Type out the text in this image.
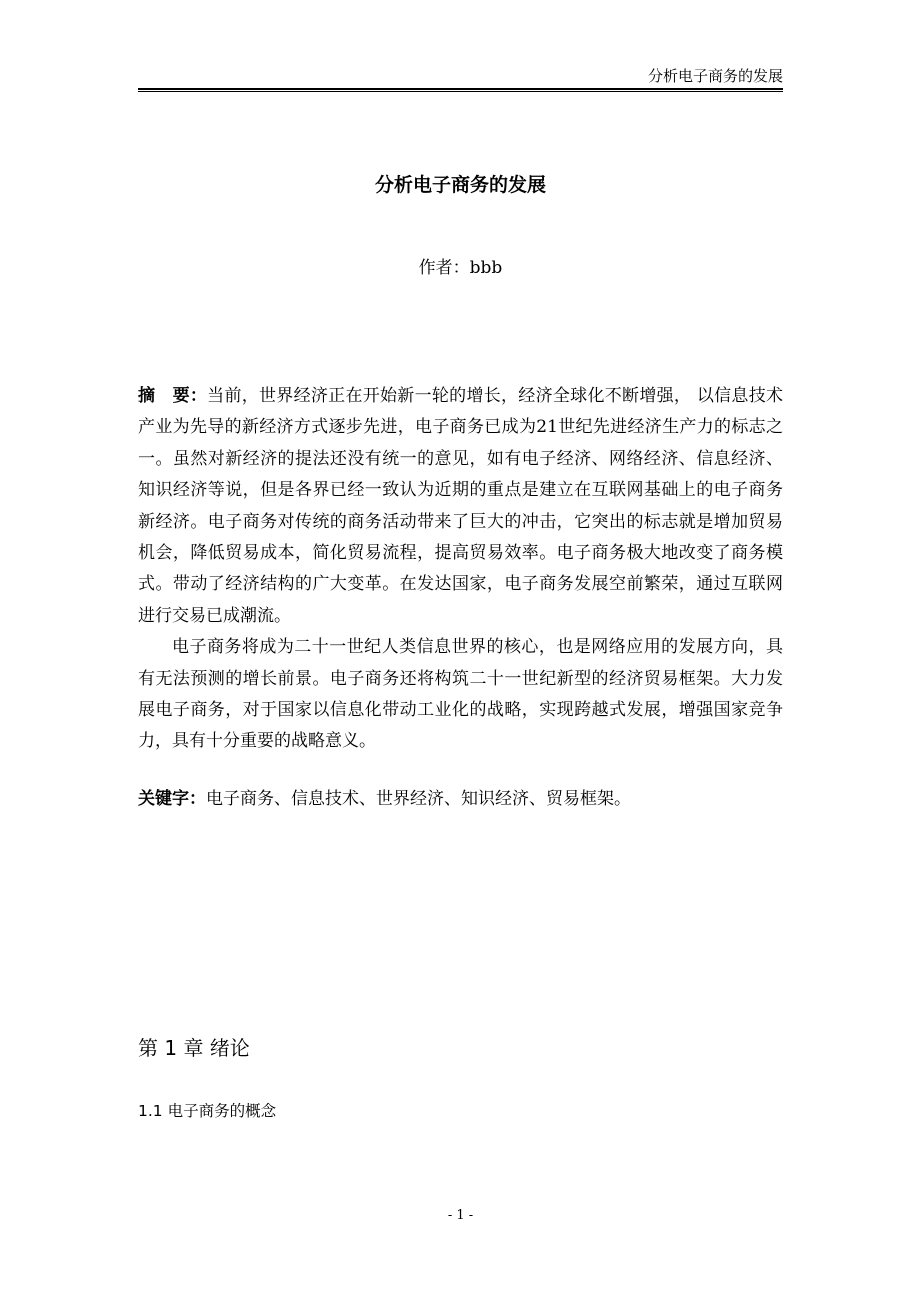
分析电子商务的发展
分析电子商务的发展
作者：bbb

摘　要：当前，世界经济正在开始新一轮的增长，经济全球化不断增强， 以信息技术产业为先导的新经济方式逐步先进，电子商务已成为21世纪先进经济生产力的标志之一。虽然对新经济的提法还没有统一的意见，如有电子经济、网络经济、信息经济、知识经济等说，但是各界已经一致认为近期的重点是建立在互联网基础上的电子商务新经济。电子商务对传统的商务活动带来了巨大的冲击，它突出的标志就是增加贸易机会，降低贸易成本，简化贸易流程，提高贸易效率。电子商务极大地改变了商务模式。带动了经济结构的广大变革。在发达国家，电子商务发展空前繁荣，通过互联网进行交易已成潮流。

电子商务将成为二十一世纪人类信息世界的核心，也是网络应用的发展方向，具有无法预测的增长前景。电子商务还将构筑二十一世纪新型的经济贸易框架。大力发展电子商务，对于国家以信息化带动工业化的战略，实现跨越式发展，增强国家竞争力，具有十分重要的战略意义。

关键字：电子商务、信息技术、世界经济、知识经济、贸易框架。
第 1 章 绪论
1.1 电子商务的概念
- 1 -
